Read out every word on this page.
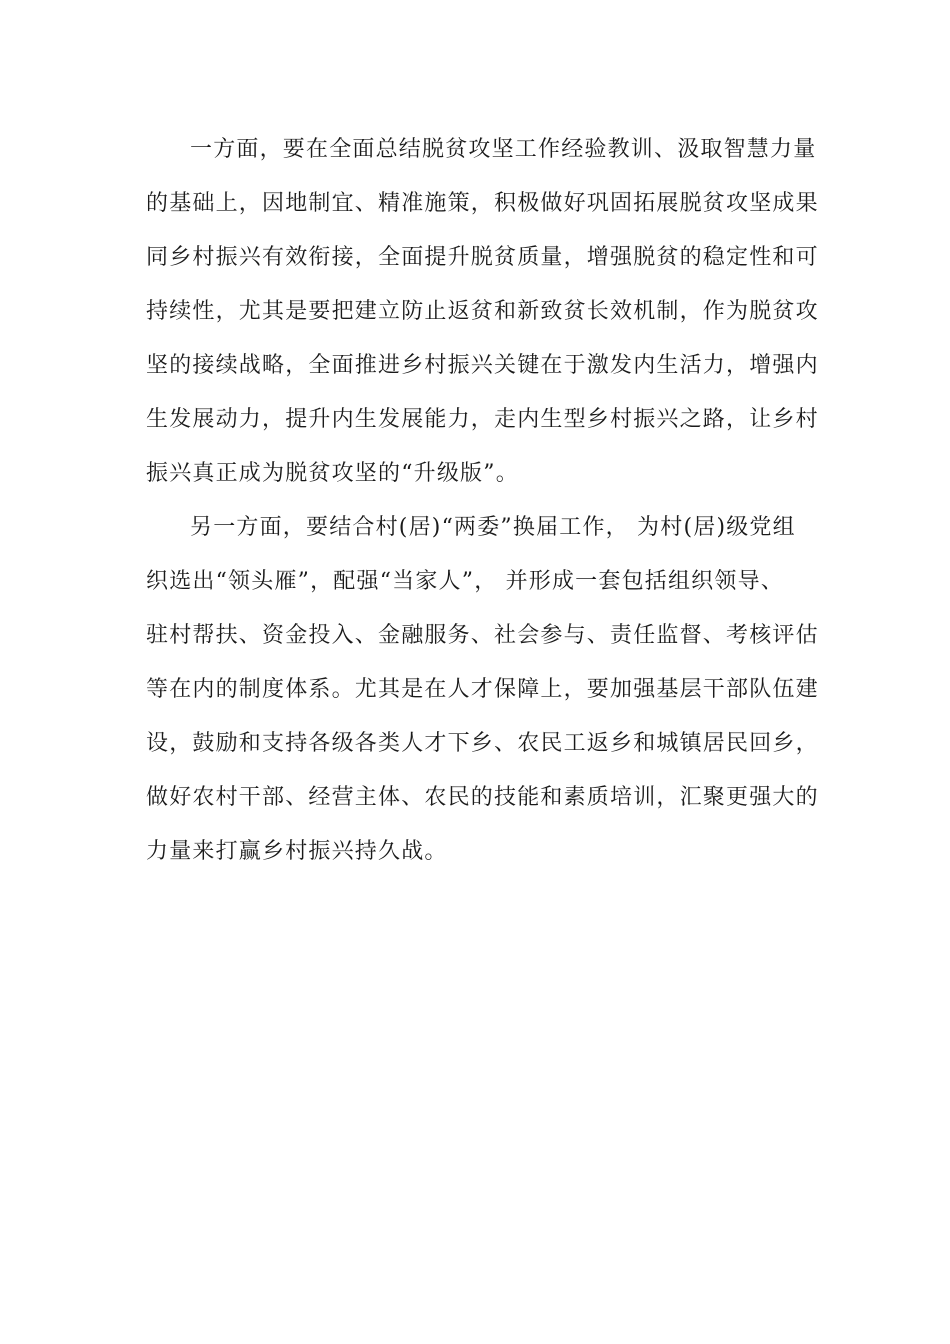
一方面，要在全面总结脱贫攻坚工作经验教训、汲取智慧力量
的基础上，因地制宜、精准施策，积极做好巩固拓展脱贫攻坚成果
同乡村振兴有效衔接，全面提升脱贫质量，增强脱贫的稳定性和可
持续性，尤其是要把建立防止返贫和新致贫长效机制，作为脱贫攻
坚的接续战略，全面推进乡村振兴关键在于激发内生活力，增强内
生发展动力，提升内生发展能力，走内生型乡村振兴之路，让乡村
振兴真正成为脱贫攻坚的“升级版”。
另一方面，要结合村(居)“两委”换届工作， 为村(居)级党组
织选出“领头雁”，配强“当家人”， 并形成一套包括组织领导、
驻村帮扶、资金投入、金融服务、社会参与、责任监督、考核评估
等在内的制度体系。尤其是在人才保障上，要加强基层干部队伍建
设，鼓励和支持各级各类人才下乡、农民工返乡和城镇居民回乡，
做好农村干部、经营主体、农民的技能和素质培训，汇聚更强大的
力量来打赢乡村振兴持久战。
